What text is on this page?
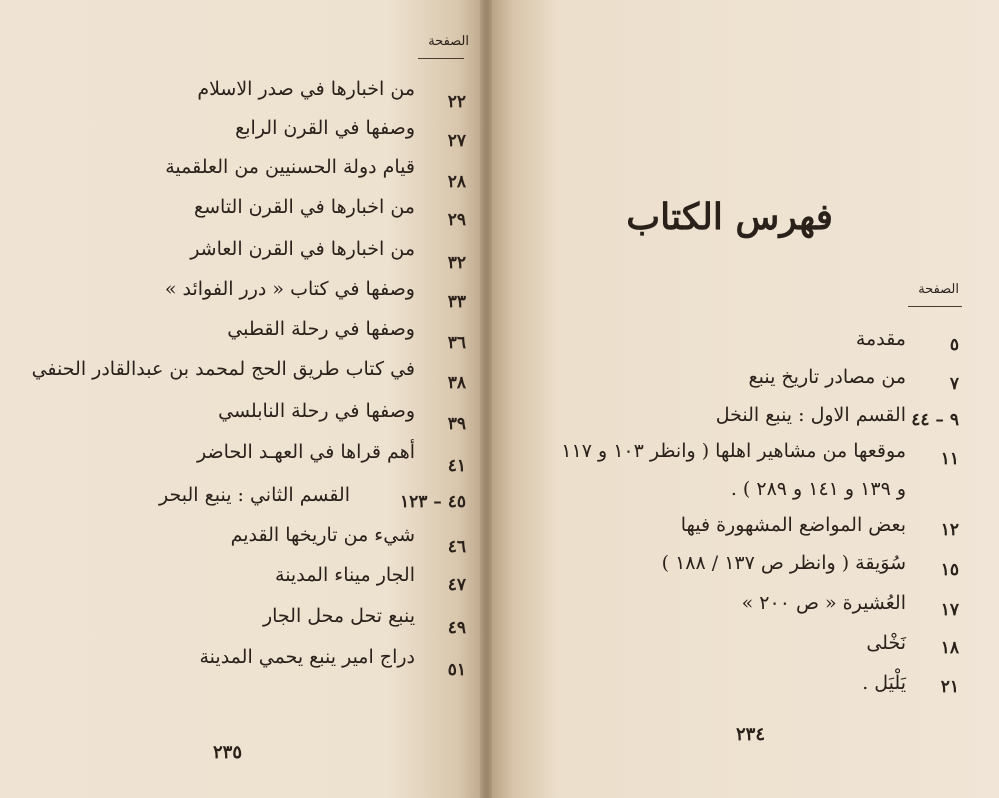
الصفحة
٢٢
من اخبارها في صدر الاسلام
٢٧
وصفها في القرن الرابع
٢٨
قيام دولة الحسنيين من العلقمية
٢٩
من اخبارها في القرن التاسع
٣٢
من اخبارها في القرن العاشر
٣٣
وصفها في كتاب « درر الفوائد »
٣٦
وصفها في رحلة القطبي
٣٨
في كتاب طريق الحج لمحمد بن عبدالقادر الحنفي
٣٩
وصفها في رحلة النابلسي
٤١
أهم قراها في العهـد الحاضر
٤٥ – ١٢٣
القسم الثاني : ينبع البحر
٤٦
شيء من تاريخها القديم
٤٧
الجار ميناء المدينة
٤٩
ينبع تحل محل الجار
٥١
دراج امير ينبع يحمي المدينة
٢٣٥
فهرس الكتاب
الصفحة
٥
مقدمة
٧
من مصادر تاريخ ينبع
٩ – ٤٤
القسم الاول : ينبع النخل
١١
موقعها من مشاهير اهلها ( وانظر ١٠٣ و ١١٧
و ١٣٩ و ١٤١ و ٢٨٩ ) .
١٢
بعض المواضع المشهورة فيها
١٥
سُوَيقة ( وانظر ص ١٣٧ / ١٨٨ )
١٧
العُشيرة « ص ٢٠٠ »
١٨
نَخْلى
٢١
يَلْيَل .
٢٣٤
